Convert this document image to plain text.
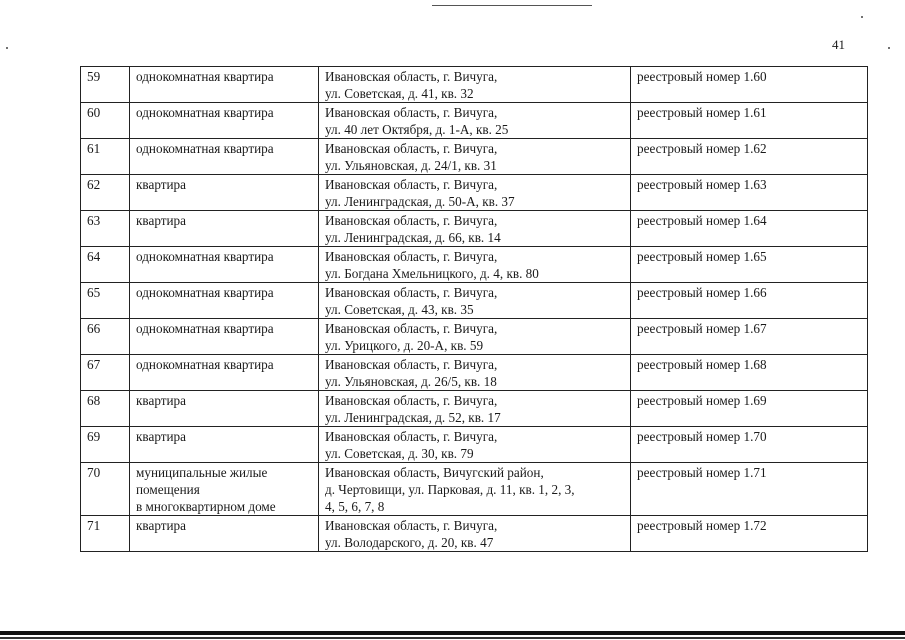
41
59	однокомнатная квартира	Ивановская область, г. Вичуга,
ул. Советская, д. 41, кв. 32	реестровый номер 1.60
60	однокомнатная квартира	Ивановская область, г. Вичуга,
ул. 40 лет Октября, д. 1-А, кв. 25	реестровый номер 1.61
61	однокомнатная квартира	Ивановская область, г. Вичуга,
ул. Ульяновская, д. 24/1, кв. 31	реестровый номер 1.62
62	квартира	Ивановская область, г. Вичуга,
ул. Ленинградская, д. 50-А, кв. 37	реестровый номер 1.63
63	квартира	Ивановская область, г. Вичуга,
ул. Ленинградская, д. 66, кв. 14	реестровый номер 1.64
64	однокомнатная квартира	Ивановская область, г. Вичуга,
ул. Богдана Хмельницкого, д. 4, кв. 80	реестровый номер 1.65
65	однокомнатная квартира	Ивановская область, г. Вичуга,
ул. Советская, д. 43, кв. 35	реестровый номер 1.66
66	однокомнатная квартира	Ивановская область, г. Вичуга,
ул. Урицкого, д. 20-А, кв. 59	реестровый номер 1.67
67	однокомнатная квартира	Ивановская область, г. Вичуга,
ул. Ульяновская, д. 26/5, кв. 18	реестровый номер 1.68
68	квартира	Ивановская область, г. Вичуга,
ул. Ленинградская, д. 52, кв. 17	реестровый номер 1.69
69	квартира	Ивановская область, г. Вичуга,
ул. Советская, д. 30, кв. 79	реестровый номер 1.70
70	муниципальные жилые
помещения
в многоквартирном доме	Ивановская область, Вичугский район,
д. Чертовищи, ул. Парковая, д. 11, кв. 1, 2, 3,
4, 5, 6, 7, 8	реестровый номер 1.71
71	квартира	Ивановская область, г. Вичуга,
ул. Володарского, д. 20, кв. 47	реестровый номер 1.72
